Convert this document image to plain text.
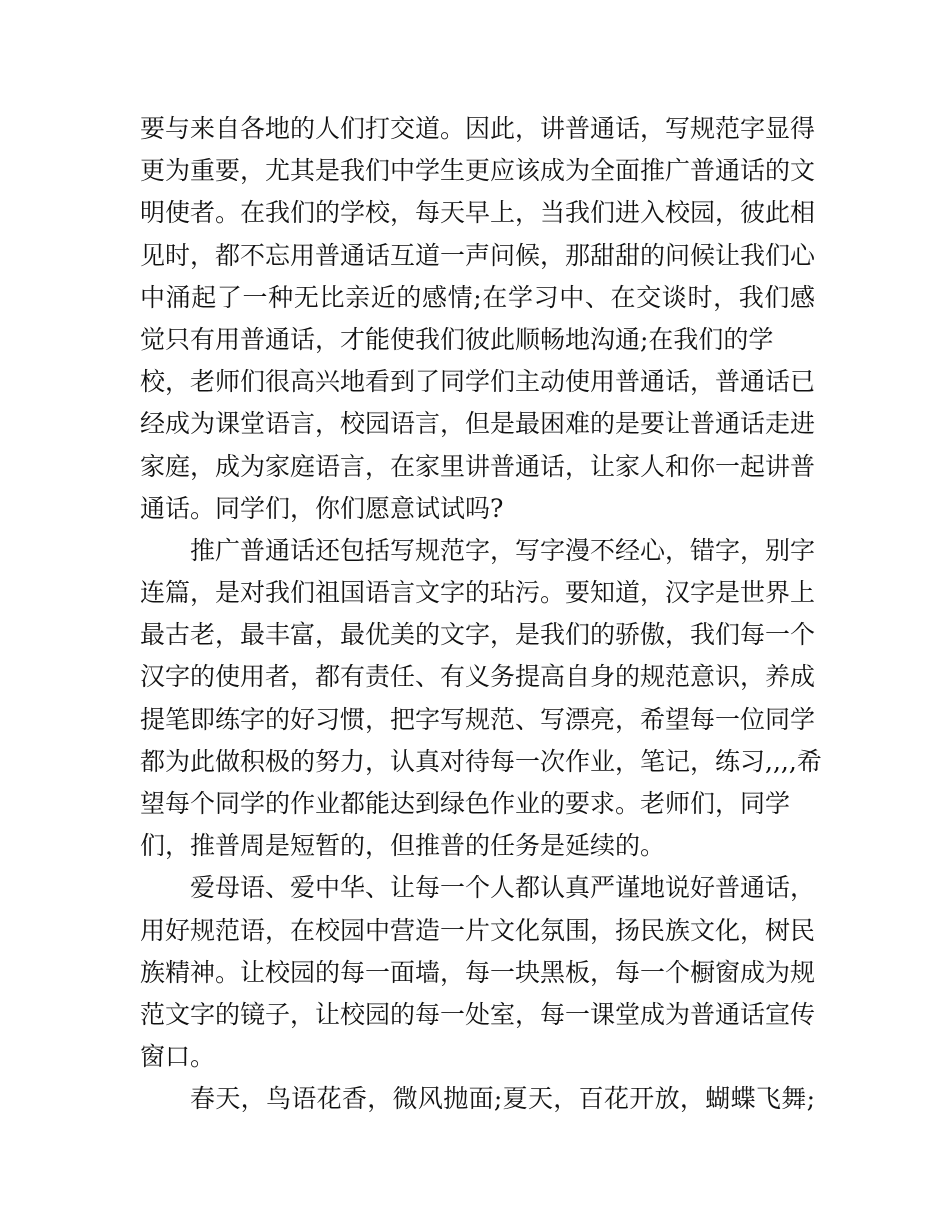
要与来自各地的人们打交道。因此，讲普通话，写规范字显得
更为重要，尤其是我们中学生更应该成为全面推广普通话的文
明使者。在我们的学校，每天早上，当我们进入校园，彼此相
见时，都不忘用普通话互道一声问候，那甜甜的问候让我们心
中涌起了一种无比亲近的感情;在学习中、在交谈时，我们感
觉只有用普通话，才能使我们彼此顺畅地沟通;在我们的学
校，老师们很高兴地看到了同学们主动使用普通话，普通话已
经成为课堂语言，校园语言，但是最困难的是要让普通话走进
家庭，成为家庭语言，在家里讲普通话，让家人和你一起讲普
通话。同学们，你们愿意试试吗?
推广普通话还包括写规范字，写字漫不经心，错字，别字
连篇，是对我们祖国语言文字的玷污。要知道，汉字是世界上
最古老，最丰富，最优美的文字，是我们的骄傲，我们每一个
汉字的使用者，都有责任、有义务提高自身的规范意识，养成
提笔即练字的好习惯，把字写规范、写漂亮，希望每一位同学
都为此做积极的努力，认真对待每一次作业，笔记，练习,,,,希
望每个同学的作业都能达到绿色作业的要求。老师们，同学
们，推普周是短暂的，但推普的任务是延续的。
爱母语、爱中华、让每一个人都认真严谨地说好普通话，
用好规范语，在校园中营造一片文化氛围，扬民族文化，树民
族精神。让校园的每一面墙，每一块黑板，每一个橱窗成为规
范文字的镜子，让校园的每一处室，每一课堂成为普通话宣传
窗口。
春天，鸟语花香，微风抛面;夏天，百花开放，蝴蝶飞舞;
